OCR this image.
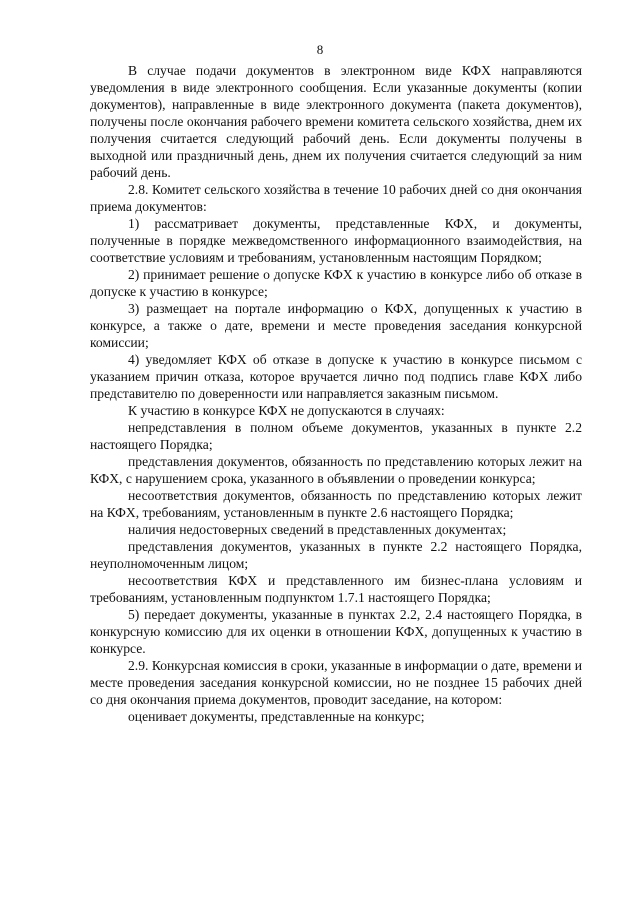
8

В случае подачи документов в электронном виде КФХ направляются уведомления в виде электронного сообщения. Если указанные документы (копии документов), направленные в виде электронного документа (пакета документов), получены после окончания рабочего времени комитета сельского хозяйства, днем их получения считается следующий рабочий день. Если документы получены в выходной или праздничный день, днем их получения считается следующий за ним рабочий день.

2.8. Комитет сельского хозяйства в течение 10 рабочих дней со дня окончания приема документов:

1) рассматривает документы, представленные КФХ, и документы, полученные в порядке межведомственного информационного взаимодействия, на соответствие условиям и требованиям, установленным настоящим Порядком;

2) принимает решение о допуске КФХ к участию в конкурсе либо об отказе в допуске к участию в конкурсе;

3) размещает на портале информацию о КФХ, допущенных к участию в конкурсе, а также о дате, времени и месте проведения заседания конкурсной комиссии;

4) уведомляет КФХ об отказе в допуске к участию в конкурсе письмом с указанием причин отказа, которое вручается лично под подпись главе КФХ либо представителю по доверенности или направляется заказным письмом.

К участию в конкурсе КФХ не допускаются в случаях:

непредставления в полном объеме документов, указанных в пункте 2.2 настоящего Порядка;

представления документов, обязанность по представлению которых лежит на КФХ, с нарушением срока, указанного в объявлении о проведении конкурса;

несоответствия документов, обязанность по представлению которых лежит на КФХ, требованиям, установленным в пункте 2.6 настоящего Порядка;

наличия недостоверных сведений в представленных документах;

представления документов, указанных в пункте 2.2 настоящего Порядка, неуполномоченным лицом;

несоответствия КФХ и представленного им бизнес-плана условиям и требованиям, установленным подпунктом 1.7.1 настоящего Порядка;

5) передает документы, указанные в пунктах 2.2, 2.4 настоящего Порядка, в конкурсную комиссию для их оценки в отношении КФХ, допущенных к участию в конкурсе.

2.9. Конкурсная комиссия в сроки, указанные в информации о дате, времени и месте проведения заседания конкурсной комиссии, но не позднее 15 рабочих дней со дня окончания приема документов, проводит заседание, на котором:

оценивает документы, представленные на конкурс;
